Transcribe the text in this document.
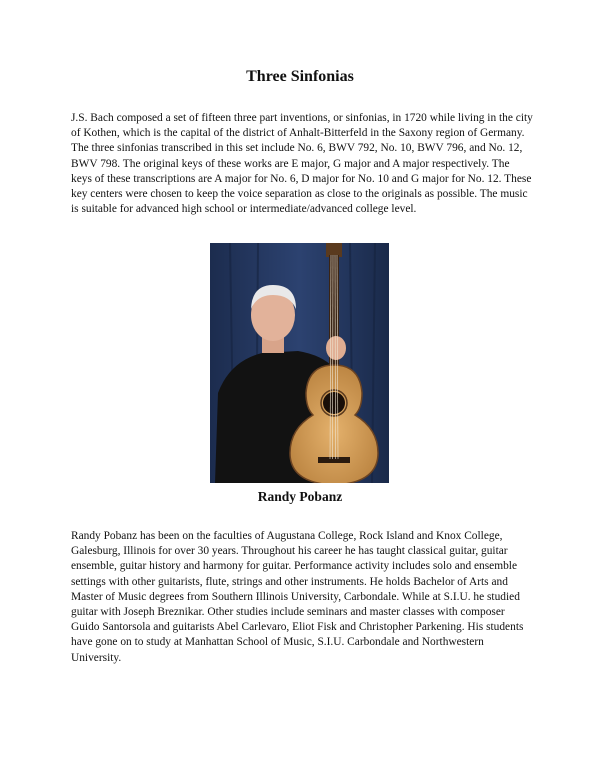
Three Sinfonias

J.S. Bach composed a set of fifteen three part inventions, or sinfonias, in 1720 while living in the city of Kothen, which is the capital of the district of Anhalt-Bitterfeld in the Saxony region of Germany. The three sinfonias transcribed in this set include No. 6, BWV 792, No. 10, BWV 796, and No. 12, BWV 798. The original keys of these works are E major, G major and A major respectively. The keys of these transcriptions are A major for No. 6, D major for No. 10 and G major for No. 12. These key centers were chosen to keep the voice separation as close to the originals as possible. The music is suitable for advanced high school or intermediate/advanced college level.

Randy Pobanz

Randy Pobanz has been on the faculties of Augustana College, Rock Island and Knox College, Galesburg, Illinois for over 30 years. Throughout his career he has taught classical guitar, guitar ensemble, guitar history and harmony for guitar. Performance activity includes solo and ensemble settings with other guitarists, flute, strings and other instruments. He holds Bachelor of Arts and Master of Music degrees from Southern Illinois University, Carbondale. While at S.I.U. he studied guitar with Joseph Breznikar. Other studies include seminars and master classes with composer Guido Santorsola and guitarists Abel Carlevaro, Eliot Fisk and Christopher Parkening. His students have gone on to study at Manhattan School of Music, S.I.U. Carbondale and Northwestern University.
